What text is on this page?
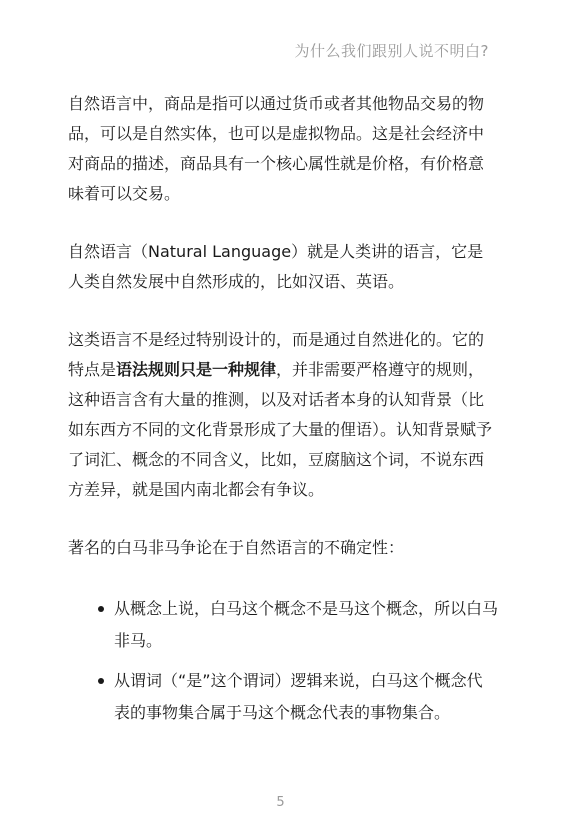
为什么我们跟别人说不明白?

自然语言中，商品是指可以通过货币或者其他物品交易的物品，可以是自然实体，也可以是虚拟物品。这是社会经济中对商品的描述，商品具有一个核心属性就是价格，有价格意味着可以交易。

自然语言（Natural Language）就是人类讲的语言，它是人类自然发展中自然形成的，比如汉语、英语。

这类语言不是经过特别设计的，而是通过自然进化的。它的特点是语法规则只是一种规律，并非需要严格遵守的规则，这种语言含有大量的推测，以及对话者本身的认知背景（比如东西方不同的文化背景形成了大量的俚语）。认知背景赋予了词汇、概念的不同含义，比如，豆腐脑这个词，不说东西方差异，就是国内南北都会有争议。

著名的白马非马争论在于自然语言的不确定性：

从概念上说，白马这个概念不是马这个概念，所以白马非马。
从谓词（“是”这个谓词）逻辑来说，白马这个概念代表的事物集合属于马这个概念代表的事物集合。
5
